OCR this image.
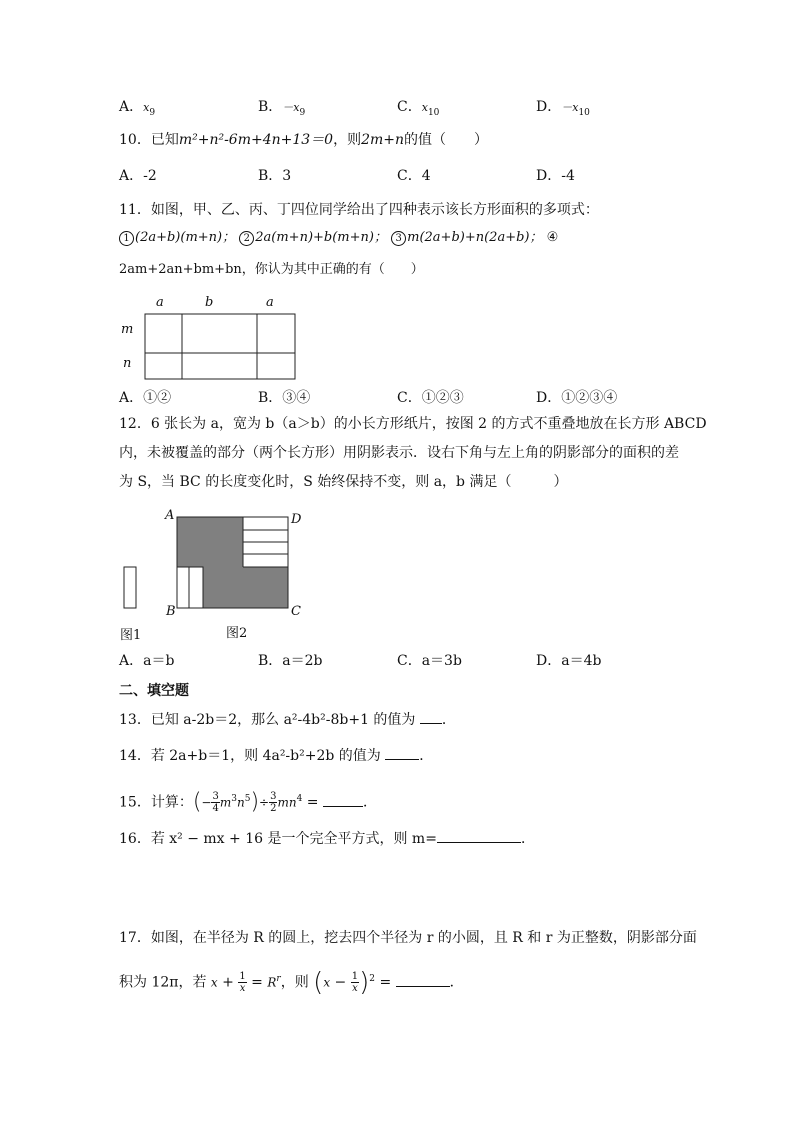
A．$x_9$	B．$-x_9$	C．$x_{10}$	D．$-x_{10}$
10．已知m²+n²-6m+4n+13＝0，则2m+n的值（　　）
A．-2	B．3	C．4	D．-4
11．如图，甲、乙、丙、丁四位同学给出了四种表示该长方形面积的多项式：
1 (2a+b)(m+n)； 2 2a(m+n)+b(m+n)； 3 m(2a+b)+n(2a+b)； ④
2am+2an+bm+bn，你认为其中正确的有（　　）
a	b	a
m
n
A．①②	B．③④	C．①②③	D．①②③④
12．6 张长为 a，宽为 b（a＞b）的小长方形纸片，按图 2 的方式不重叠地放在长方形 ABCD
内，未被覆盖的部分（两个长方形）用阴影表示．设右下角与左上角的阴影部分的面积的差
为 S，当 BC 的长度变化时，S 始终保持不变，则 a，b 满足（　　　）
图1
A	D
B	C
图2
A．a＝b	B．a＝2b	C．a＝3b	D．a＝4b
二、填空题
13．已知 a-2b＝2，那么 a²-4b²-8b+1 的值为 ．
14．若 2a+b＝1，则 4a²-b²+2b 的值为	．
15．计算：(− $\frac{3}{4} m^3n^5)\div \frac{3}{2} mn^4$ =	．
16．若 x² − mx + 16 是一个完全平方式，则 m=	．
17．如图，在半径为 R 的圆上，挖去四个半径为 r 的小圆，且 R 和 r 为正整数，阴影部分面
积为 12π，若 $x + \frac{1}{x} = R^r$，则 $(x - \frac{1}{x} )^2$ =	．
